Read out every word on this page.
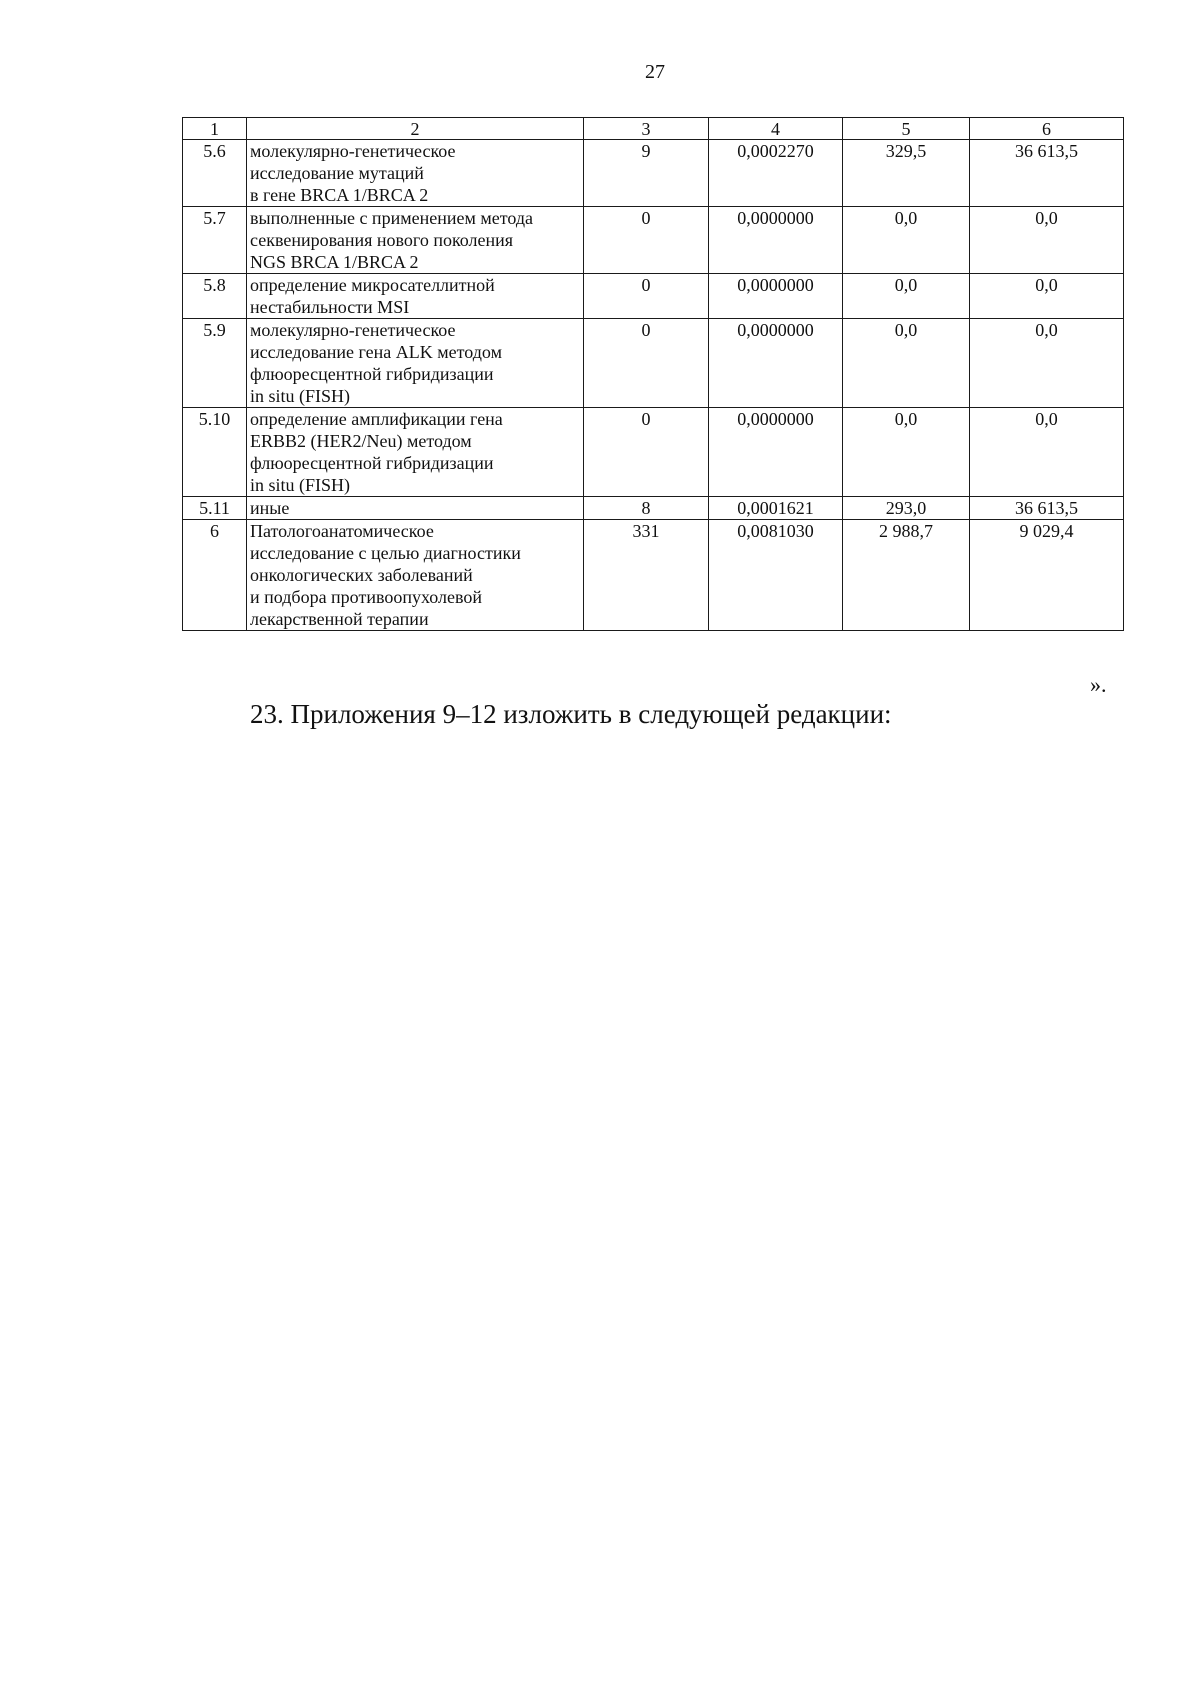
27
1	2	3	4	5	6
5.6	молекулярно-генетическое
исследование мутаций
в гене BRCA 1/BRCA 2	9	0,0002270	329,5	36 613,5
5.7	выполненные с применением метода
секвенирования нового поколения
NGS BRCA 1/BRCA 2	0	0,0000000	0,0	0,0
5.8	определение микросателлитной
нестабильности MSI	0	0,0000000	0,0	0,0
5.9	молекулярно-генетическое
исследование гена ALK методом
флюоресцентной гибридизации
in situ (FISH)	0	0,0000000	0,0	0,0
5.10	определение амплификации гена
ERBB2 (HER2/Neu) методом
флюоресцентной гибридизации
in situ (FISH)	0	0,0000000	0,0	0,0
5.11	иные	8	0,0001621	293,0	36 613,5
6	Патологоанатомическое
исследование с целью диагностики
онкологических заболеваний
и подбора противоопухолевой
лекарственной терапии	331	0,0081030	2 988,7	9 029,4
».
23. Приложения 9–12 изложить в следующей редакции:
